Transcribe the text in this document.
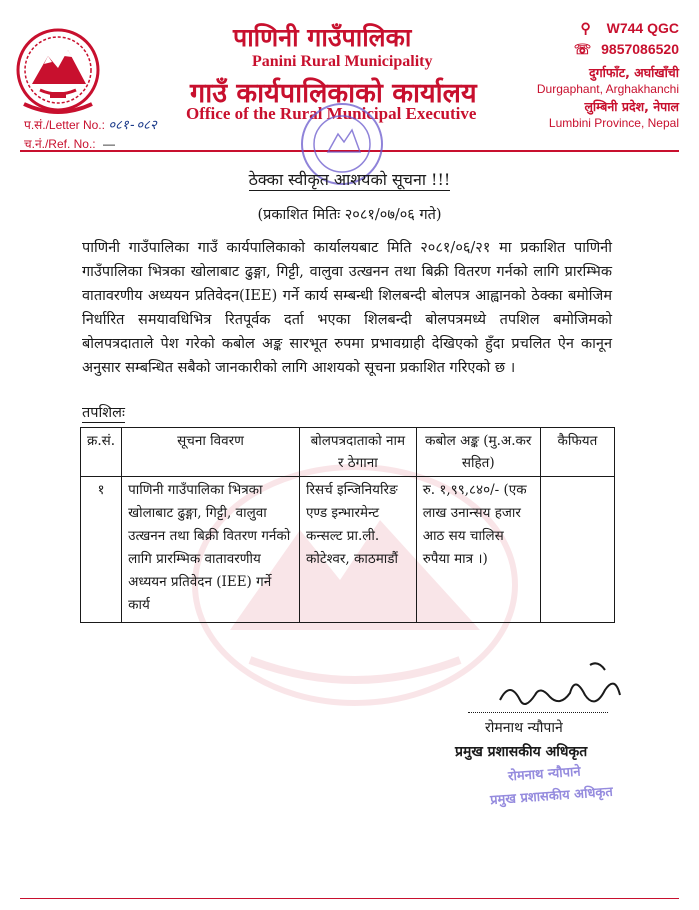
पाणिनी गाउँपालिका
Panini Rural Municipality
गाउँ कार्यपालिकाको कार्यालय
Office of the Rural Municipal Executive
⚲ W744 QGC
☏ 9857086520
दुर्गाफाँट, अर्घाखाँची
Durgaphant, Arghakhanchi
लुम्बिनी प्रदेश, नेपाल
Lumbini Province, Nepal
प.सं./Letter No.: ०८१-०८२
च.नं./Ref. No.: —
ठेक्का स्वीकृत आशयको सूचना !!!
(प्रकाशित मितिः २०८१/०७/०६ गते)
पाणिनी गाउँपालिका गाउँ कार्यपालिकाको कार्यालयबाट मिति २०८१/०६/२१ मा प्रकाशित पाणिनी गाउँपालिका भित्रका खोलाबाट ढुङ्गा, गिट्टी, वालुवा उत्खनन तथा बिक्री वितरण गर्नको लागि प्रारम्भिक वातावरणीय अध्ययन प्रतिवेदन(IEE) गर्ने कार्य सम्बन्धी शिलबन्दी बोलपत्र आह्वानको ठेक्का बमोजिम निर्धारित समयावधिभित्र रितपूर्वक दर्ता भएका शिलबन्दी बोलपत्रमध्ये तपशिल बमोजिमको बोलपत्रदाताले पेश गरेको कबोल अङ्क सारभूत रुपमा प्रभावग्राही देखिएको हुँदा प्रचलित ऐन कानून अनुसार सम्बन्धित सबैको जानकारीको लागि आशयको सूचना प्रकाशित गरिएको छ ।
तपशिलः
क्र.सं.	सूचना विवरण	बोलपत्रदाताको नाम र ठेगाना	कबोल अङ्क (मु.अ.कर सहित)	कैफियत
१	पाणिनी गाउँपालिका भित्रका खोलाबाट ढुङ्गा, गिट्टी, वालुवा उत्खनन तथा बिक्री वितरण गर्नको लागि प्रारम्भिक वातावरणीय अध्ययन प्रतिवेदन (IEE) गर्ने कार्य	रिसर्च इन्जिनियरिङ एण्ड इन्भारमेन्ट कन्सल्ट प्रा.ली. कोटेश्वर, काठमाडौं	रु. १,९९,८४०/- (एक लाख उनान्सय हजार आठ सय चालिस रुपैया मात्र ।)	
रोमनाथ न्यौपाने
प्रमुख प्रशासकीय अधिकृत
रोमनाथ न्यौपाने
प्रमुख प्रशासकीय अधिकृत
